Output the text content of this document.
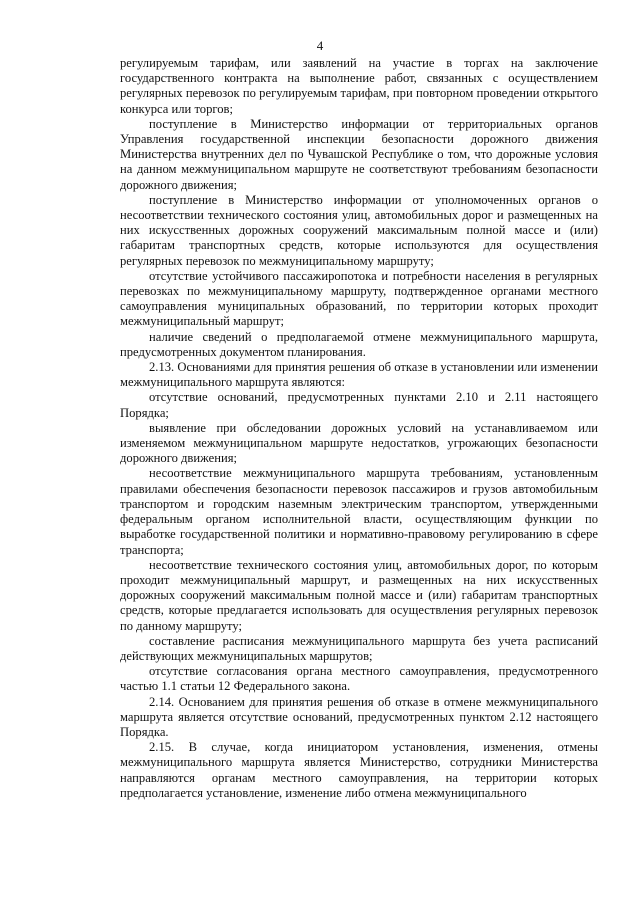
4

регулируемым тарифам, или заявлений на участие в торгах на заключение государственного контракта на выполнение работ, связанных с осуществлением регулярных перевозок по регулируемым тарифам, при повторном проведении открытого конкурса или торгов;

поступление в Министерство информации от территориальных органов Управления государственной инспекции безопасности дорожного движения Министерства внутренних дел по Чувашской Республике о том, что дорожные условия на данном межмуниципальном маршруте не соответствуют требованиям безопасности дорожного движения;

поступление в Министерство информации от уполномоченных органов о несоответствии технического состояния улиц, автомобильных дорог и размещенных на них искусственных дорожных сооружений максимальным полной массе и (или) габаритам транспортных средств, которые используются для осуществления регулярных перевозок по межмуниципальному маршруту;

отсутствие устойчивого пассажиропотока и потребности населения в регулярных перевозках по межмуниципальному маршруту, подтвержденное органами местного самоуправления муниципальных образований, по территории которых проходит межмуниципальный маршрут;

наличие сведений о предполагаемой отмене межмуниципального маршрута, предусмотренных документом планирования.

2.13. Основаниями для принятия решения об отказе в установлении или изменении межмуниципального маршрута являются:

отсутствие оснований, предусмотренных пунктами 2.10 и 2.11 настоящего Порядка;

выявление при обследовании дорожных условий на устанавливаемом или изменяемом межмуниципальном маршруте недостатков, угрожающих безопасности дорожного движения;

несоответствие межмуниципального маршрута требованиям, установленным правилами обеспечения безопасности перевозок пассажиров и грузов автомобильным транспортом и городским наземным электрическим транспортом, утвержденными федеральным органом исполнительной власти, осуществляющим функции по выработке государственной политики и нормативно-правовому регулированию в сфере транспорта;

несоответствие технического состояния улиц, автомобильных дорог, по которым проходит межмуниципальный маршрут, и размещенных на них искусственных дорожных сооружений максимальным полной массе и (или) габаритам транспортных средств, которые предлагается использовать для осуществления регулярных перевозок по данному маршруту;

составление расписания межмуниципального маршрута без учета расписаний действующих межмуниципальных маршрутов;

отсутствие согласования органа местного самоуправления, предусмотренного частью 1.1 статьи 12 Федерального закона.

2.14. Основанием для принятия решения об отказе в отмене межмуниципального маршрута является отсутствие оснований, предусмотренных пунктом 2.12 настоящего Порядка.

2.15. В случае, когда инициатором установления, изменения, отмены межмуниципального маршрута является Министерство, сотрудники Министерства направляются органам местного самоуправления, на территории которых предполагается установление, изменение либо отмена межмуниципального
